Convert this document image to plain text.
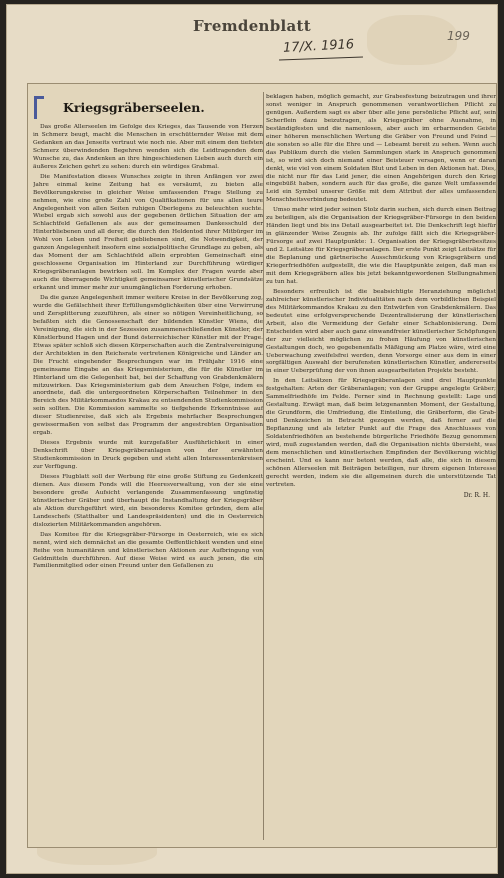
Fremdenblatt
17/X. 1916
199
Kriegsgräberseelen.

Das große Allerseelen im Gefolge des Krieges, das Tausende von Herzen in Schmerz beugt, macht die Menschen in erschütternder Weise mit dem Gedanken an das Jenseits vertraut wie noch nie. Aber mit einem den tiefsten Schmerz überwindenden Begehren wenden sich die Leidtragenden dem Wunsche zu, das Andenken an ihre hingeschiedenen Lieben auch durch ein äußeres Zeichen gehrt zu sehen: durch ein würdiges Grabmal.

Die Manifestation dieses Wunsches zeigte in ihren Anfängen vor zwei Jahre einmal keine Zeitung hat es versäumt, zu bieten alle Bevölkerungskreise in gleicher Weise umfassenden Frage Stellung zu nehmen, wie eine große Zahl von Qualifikationen für uns allen teure Angelegenheit von allen Seiten ruhigen Überlegens zu beleuchten suchte. Wiebel ergab sich sowohl aus der gegebenen örtlichen Situation der am Schlachtfeld Gefallenen als aus der gemeinsamen Dankesschuld der Hinterbliebenen und all derer, die durch den Heldentod ihrer Mitbürger im Wohl von Leben und Freiheit gebliebenen sind, die Notwendigkeit, der ganzen Angelegenheit insofern eine sozialpolitische Grundlage zu geben, als das Moment der am Schlachtfeld allein erprobten Gemeinschaft eine geschlossene Organisation im Hinterland zur Durchführung würdiger Kriegsgräberanlagen bewirken soll. Im Komplex der Fragen wurde aber auch die überragende Wichtigkeit gemeinsamer künstlerischer Grundsätze erkannt und immer mehr zur unumgänglichen Forderung erhoben.

Da die ganze Angelegenheit immer weitere Kreise in der Bevölkerung zog, wurde die Gefälschheit ihrer Erfüllungsmöglichkeiten über eine Verwirrung und Zersplitterung zuzuführen, als einer so nötigen Vereinheitlichung, so befaßten sich die Genossenschaft der bildenden Künstler Wiens, die Vereinigung, die sich in der Sezession zusammenschließenden Künstler, der Künstlerbund Hagen und der Bund österreichischer Künstler mit der Frage. Etwas später schloß sich diesen Körperschaften auch die Zentralvereinigung der Architekten in den Reichsrate vertretenen Königreiche und Länder an. Die Frucht eingehender Besprechungen war im Frühjahr 1916 eine gemeinsame Eingabe an das Kriegsministerium, die für die Künstler im Hinterland um die Gelegenheit bat, bei der Schaffung von Grabdenkmälern mitzuwirken. Das Kriegsministerium gab dem Ansuchen Folge, indem es anordnete, daß die untergeordneten Körperschaften Teilnehmer in den Bereich des Militärkommandos Krakau zu entsendenden Studienkommission sein sollten. Die Kommission sammelte so tiefgehende Erkenntnisse auf dieser Studienreise, daß sich als Ergebnis mehrfacher Besprechungen gewissermaßen von selbst das Programm der angestrebten Organisation ergab.

Dieses Ergebnis wurde mit kurzgefaßter Ausführlichkeit in einer Denkschrift über Kriegsgräberanlagen von der erwähnten Studienkommission in Druck gegeben und steht allen Interessentenkreisen zur Verfügung.

Dieses Flugblatt soll der Werbung für eine große Stiftung zu Gedenkzeit dienen. Aus diesem Fonds will die Heeresverwaltung, von der sie eine besondere große Aufsicht verlangende Zusammenfassung ungünstig künstlerischer Gräber und überhaupt die Instandhaltung der Kriegsgräber als Aktion durchgeführt wird, ein besonderes Komitee gründen, dem alle Landeschefs (Statthalter und Landespräsidenten) und die in Oesterreich dislozierten Militärkommanden angehören.

Das Komitee für die Kriegsgräber-Fürsorge in Oesterreich, wie es sich nennt, wird sich demnächst an die gesamte Oeffentlichkeit wenden und eine Reihe von humanitären und künstlerischen Aktionen zur Aufbringung von Geldmitteln durchführen. Auf diese Weise wird es auch jenen, die ein Familienmitglied oder einen Freund unter den Gefallenen zu

beklagen haben, möglich gemacht, zur Grabesfestung beizutragen und ihrer sonst weniger in Anspruch genommenen verantwortlichen Pflicht zu genügen. Außerdem sagt es aber über alle jene persönliche Pflicht auf, sein Scherflein dazu beizutragen, als Kriegsgräber ohne Ausnahme, in beständigfesten und die namenlosen, aber auch im erbarmenden Geiste einer höheren menschlichen Wertung die Gräber von Freund und Feind — die sonsten so alle für die Ehre und — Lebeamt bereit zu sehen. Wenn auch das Publikum durch die vielen Sammlungen stark in Anspruch genommen ist, so wird sich doch niemand einer Beisteuer versagen, wenn er daran denkt, wie viel von einem Soldaten Blut und Leben in den Aktionen hat. Dies, die nicht nur für das Leid jener, die einen Angehörigen durch den Krieg eingebüßt haben, sondern auch für das große, die ganze Welt umfassende Leid ein Symbol unserer Größe mit dem Attribut der alles umfassenden Menschheitsverbindung bedeutet.

Umso mehr wird jeder seinen Stolz darin suchen, sich durch einen Beitrag zu beteiligen, als die Organisation der Kriegsgräber-Fürsorge in den beiden Händen liegt und bis ins Detail ausgearbeitet ist. Die Denkschrift legt hiefür in glänzender Weise Zeugnis ab. Ihr zufolge fällt sich die Kriegsgräber-Fürsorge auf zwei Hauptpunkte: 1. Organisation der Kriegsgräberbesitzes und 2. Leitsätze für Kriegsgräberanlagen. Der erste Punkt zeigt Leitsätze für die Beplanung und gärtnerische Ausschmückung von Kriegsgräbern und Kriegerfriedhöfen aufgestellt, die wie die Hauptpunkte zeigen, daß man es mit dem Kriegsgräbern alles bis jetzt bekanntgewordenen Stellungnahmen zu tun hat.

Besonders erfreulich ist die beabsichtigte Heranziehung möglichst zahlreicher künstlerischer Individualitäten nach dem vorbildlichen Beispiel des Militärkommandos Krakau zu den Entwürfen von Grabdenkmälern. Das bedeutet eine erfolgversprechende Dezentralisierung der künstlerischen Arbeit, also die Vermeidung der Gefahr einer Schablonisierung. Dem Entscheiden wird aber auch ganz einwandfreier künstlerischer Schöpfungen der zur vielleicht möglichen zu frohen Häufung von künstlerischen Gestaltungen doch, wo gegebenenfalls Mäßigung am Platze wäre, wird eine Ueberwachung zweifelsfrei werden, denn Vorsorge einer aus dem in einer sorgfältigen Auswahl der berufensten künstlerischen Künstler, andererseits in einer Ueberprüfung der von ihnen ausgearbeiteten Projekte besteht.

In den Leitsätzen für Kriegsgräberanlagen sind drei Hauptpunkte festgehalten: Arten der Gräberanlagen; von der Gruppe angelegte Gräber; Sammelfriedhöfe im Felde. Ferner sind in Rechnung gestellt: Lage und Gestaltung. Erwägt man, daß beim letzgenannten Moment, der Gestaltung, die Grundform, die Umfriedung, die Einteilung, die Gräberform, die Grab- und Denkzeichen in Betracht gezogen werden, daß ferner auf die Bepflanzung und als letzter Punkt auf die Frage des Anschlusses von Soldatenfriedhöfen an bestehende bürgerliche Friedhöfe Bezug genommen wird, muß zugestanden werden, daß die Organisation nichts übersieht, was dem menschlichen und künstlerischen Empfinden der Bevölkerung wichtig erscheint. Und es kann nur betont werden, daß alle, die sich in diesem schönen Allerseelen mit Beiträgen beteiligen, nur ihrem eigenen Interesse gerecht werden, indem sie die allgemeinen durch die unterstützende Tat vertreten.

Dr. R. H.
